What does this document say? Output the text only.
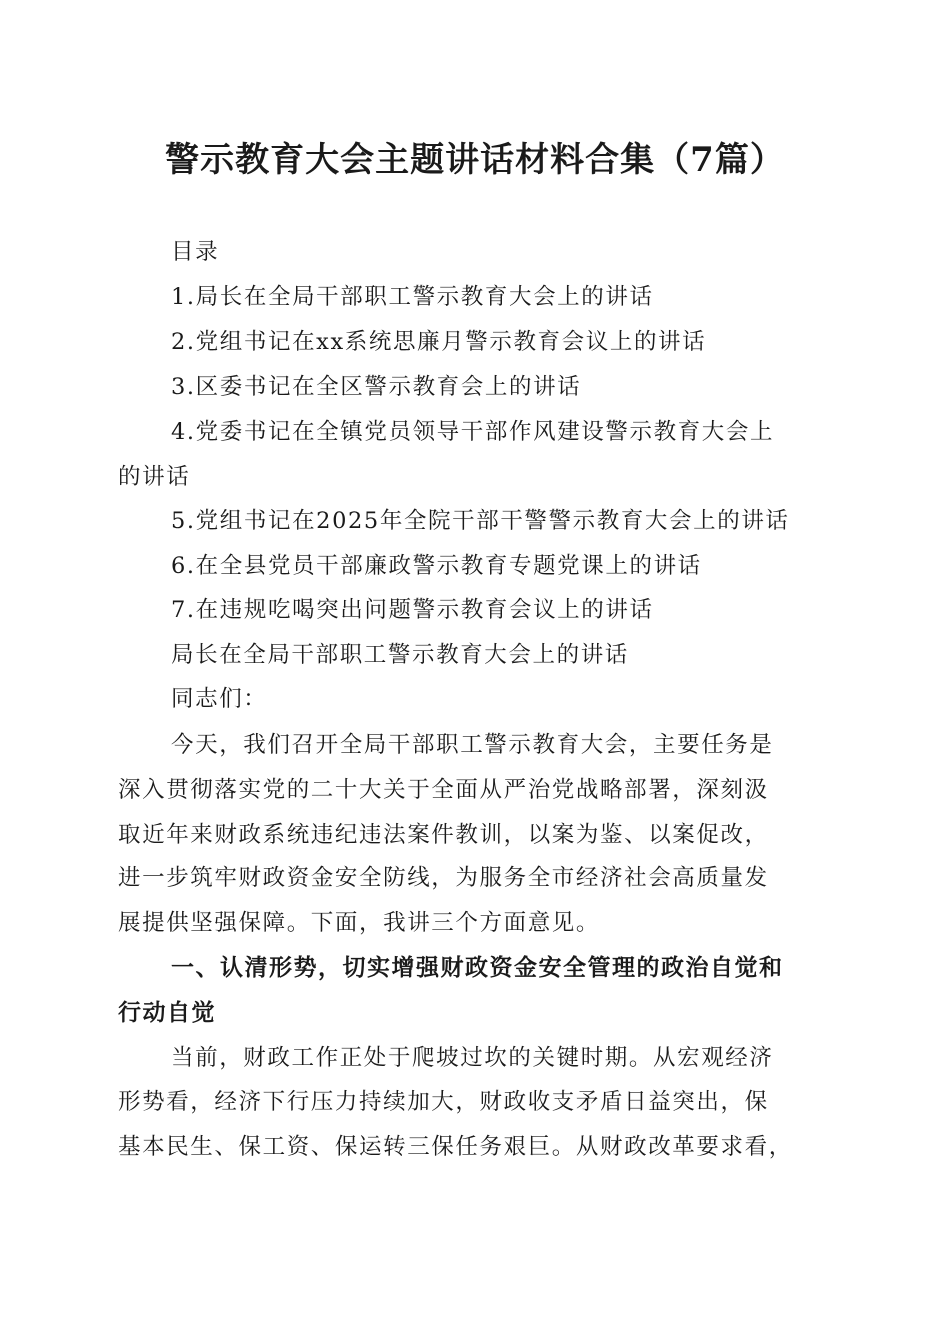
警示教育大会主题讲话材料合集（7篇）
目录
1.局长在全局干部职工警示教育大会上的讲话
2.党组书记在xx系统思廉月警示教育会议上的讲话
3.区委书记在全区警示教育会上的讲话
4.党委书记在全镇党员领导干部作风建设警示教育大会上
的讲话
5.党组书记在2025年全院干部干警警示教育大会上的讲话
6.在全县党员干部廉政警示教育专题党课上的讲话
7.在违规吃喝突出问题警示教育会议上的讲话
局长在全局干部职工警示教育大会上的讲话
同志们：
今天，我们召开全局干部职工警示教育大会，主要任务是
深入贯彻落实党的二十大关于全面从严治党战略部署，深刻汲
取近年来财政系统违纪违法案件教训，以案为鉴、以案促改，
进一步筑牢财政资金安全防线，为服务全市经济社会高质量发
展提供坚强保障。下面，我讲三个方面意见。
一、认清形势，切实增强财政资金安全管理的政治自觉和
行动自觉
当前，财政工作正处于爬坡过坎的关键时期。从宏观经济
形势看，经济下行压力持续加大，财政收支矛盾日益突出，保
基本民生、保工资、保运转三保任务艰巨。从财政改革要求看，
